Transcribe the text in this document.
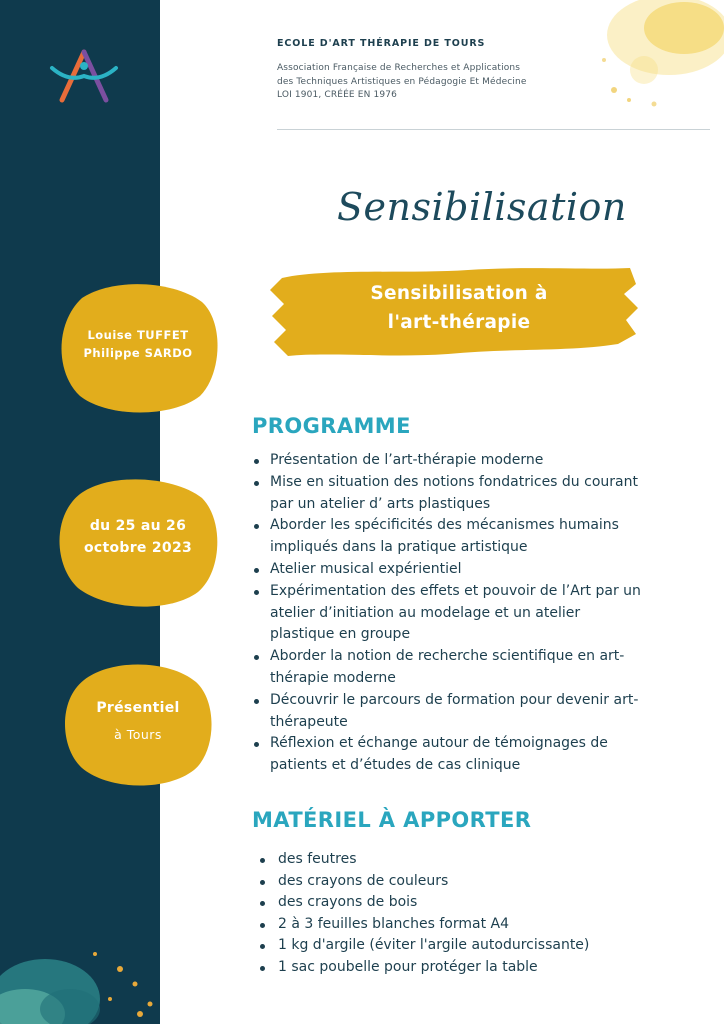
ECOLE D'ART THÉRAPIE DE TOURS
Association Française de Recherches et Applications
des Techniques Artistiques en Pédagogie Et Médecine
LOI 1901, CRÉÉE EN 1976
Sensibilisation
Sensibilisation à
l'art-thérapie
Louise TUFFET
Philippe SARDO
du 25 au 26
octobre 2023
Présentiel
à Tours
PROGRAMME
Présentation de l’art-thérapie moderne
Mise en situation des notions fondatrices du courant
par un atelier d’ arts plastiques
Aborder les spécificités des mécanismes humains
impliqués dans la pratique artistique
Atelier musical expérientiel
Expérimentation des effets et pouvoir de l’Art par un
atelier d’initiation au modelage et un atelier
plastique en groupe
Aborder la notion de recherche scientifique en art-
thérapie moderne
Découvrir le parcours de formation pour devenir art-
thérapeute
Réflexion et échange autour de témoignages de
patients et d’études de cas clinique
MATÉRIEL À APPORTER
des feutres
des crayons de couleurs
des crayons de bois
2 à 3 feuilles blanches format A4
1 kg d'argile (éviter l'argile autodurcissante)
1 sac poubelle pour protéger la table
